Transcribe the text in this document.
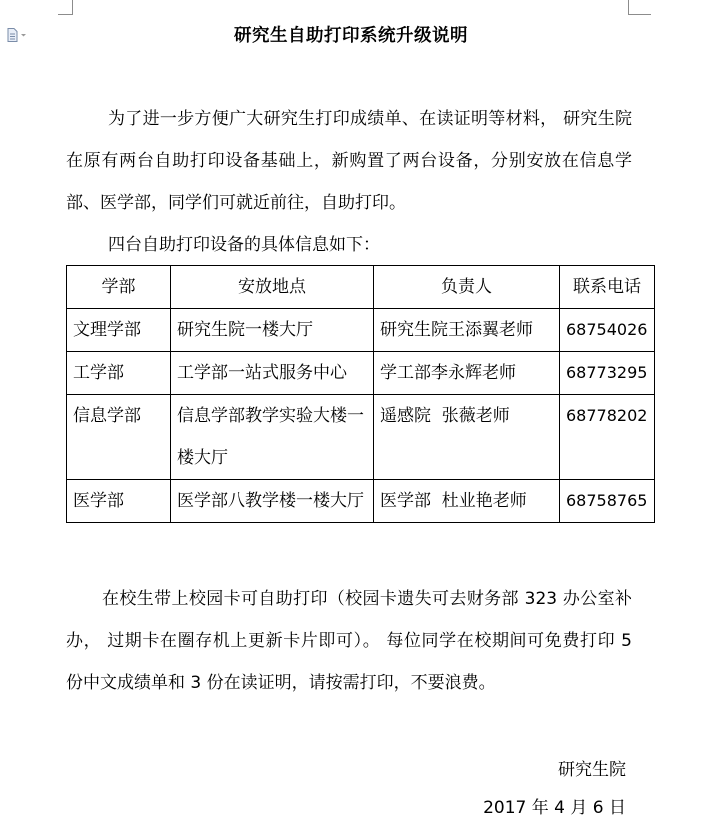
研究生自助打印系统升级说明

为了进一步方便广大研究生打印成绩单、在读证明等材料， 研究生院在原有两台自助打印设备基础上，新购置了两台设备，分别安放在信息学部、医学部，同学们可就近前往，自助打印。

四台自助打印设备的具体信息如下：

学部	安放地点	负责人	联系电话
文理学部	研究生院一楼大厅	研究生院王添翼老师	68754026
工学部	工学部一站式服务中心	学工部李永辉老师	68773295
信息学部	信息学部教学实验大楼一楼大厅	遥感院  张薇老师	68778202
医学部	医学部八教学楼一楼大厅	医学部  杜业艳老师	68758765

在校生带上校园卡可自助打印（校园卡遗失可去财务部 323 办公室补办， 过期卡在圈存机上更新卡片即可）。 每位同学在校期间可免费打印 5 份中文成绩单和 3 份在读证明，请按需打印，不要浪费。

研究生院
2017 年 4 月 6 日
